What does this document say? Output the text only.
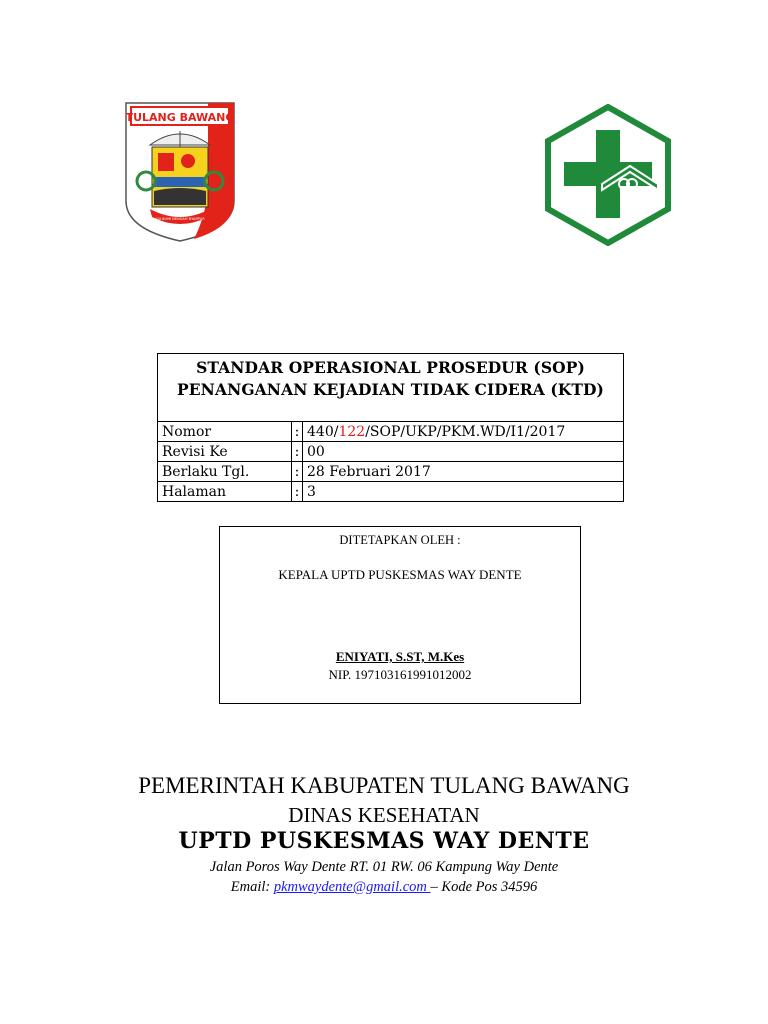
TULANG BAWANG
SAI BUMI NENGAH NYAPPUR
STANDAR OPERASIONAL PROSEDUR (SOP)
PENANGANAN KEJADIAN TIDAK CIDERA (KTD)		

Nomor	:	440/122/SOP/UKP/PKM.WD/I1/2017
Revisi Ke	:	00
Berlaku Tgl.	:	28 Februari 2017
Halaman	:	3
DITETAPKAN OLEH :
KEPALA UPTD PUSKESMAS WAY DENTE
ENIYATI, S.ST, M.Kes
NIP. 197103161991012002
PEMERINTAH KABUPATEN TULANG BAWANG
DINAS KESEHATAN
UPTD PUSKESMAS WAY DENTE
Jalan Poros Way Dente RT. 01 RW. 06 Kampung Way Dente
Email: pkmwaydente@gmail.com – Kode Pos 34596
